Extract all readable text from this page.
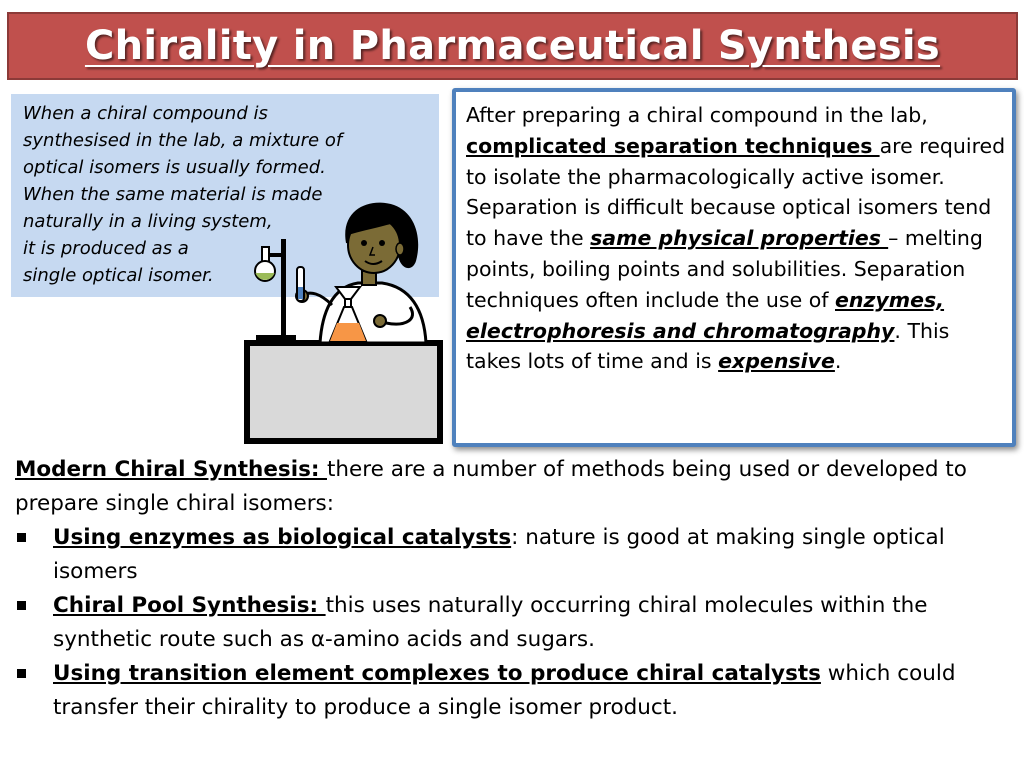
Chirality in Pharmaceutical Synthesis
When a chiral compound is
synthesised in the lab, a mixture of
optical isomers is usually formed.
When the same material is made
naturally in a living system,
it is produced as a
single optical isomer.

After preparing a chiral compound in the lab, complicated separation techniques are required to isolate the pharmacologically active isomer. Separation is difficult because optical isomers tend to have the same physical properties – melting points, boiling points and solubilities. Separation techniques often include the use of enzymes, electrophoresis and chromatography. This takes lots of time and is expensive.

Modern Chiral Synthesis: there are a number of methods being used or developed to prepare single chiral isomers:

Using enzymes as biological catalysts: nature is good at making single optical isomers
Chiral Pool Synthesis: this uses naturally occurring chiral molecules within the synthetic route such as α-amino acids and sugars.
Using transition element complexes to produce chiral catalysts which could transfer their chirality to produce a single isomer product.
